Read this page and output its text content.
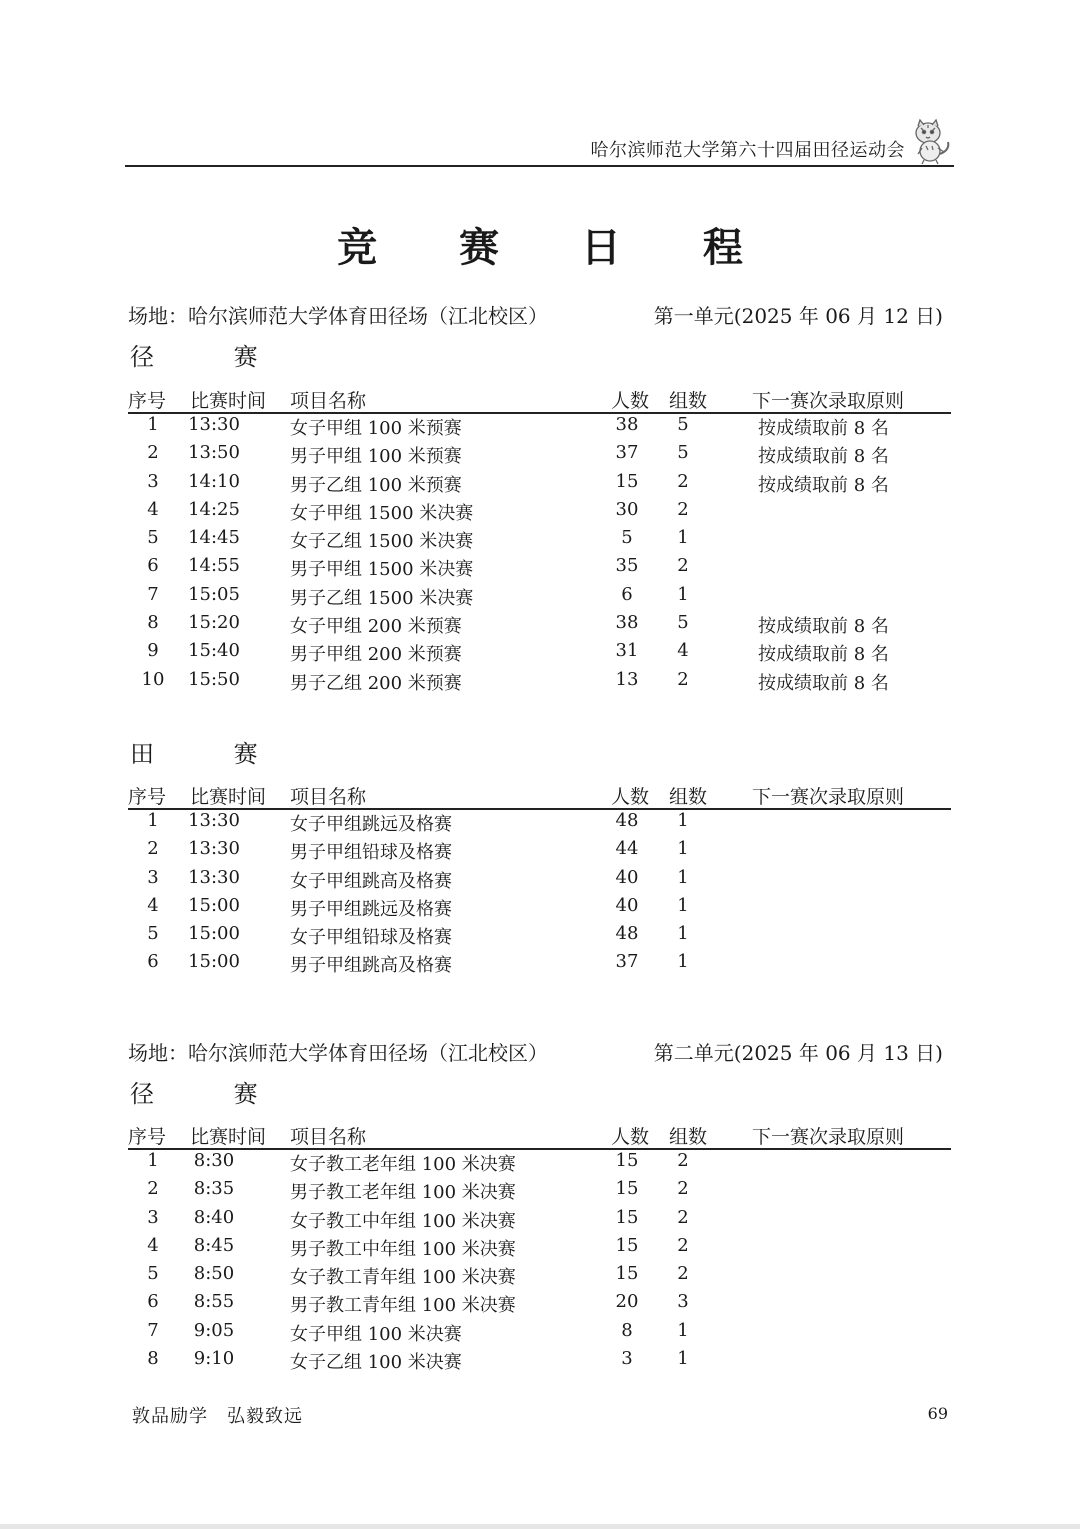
哈尔滨师范大学第六十四届田径运动会
竞 赛 日 程
场地：哈尔滨师范大学体育田径场（江北校区）	第一单元(2025 年 06 月 12 日)
径 赛
序号 比赛时间 项目名称	人数 组数 下一赛次录取原则
1	13:30	女子甲组 100 米预赛	38	5	按成绩取前 8 名
2	13:50	男子甲组 100 米预赛	37	5	按成绩取前 8 名
3	14:10	男子乙组 100 米预赛	15	2	按成绩取前 8 名
4	14:25	女子甲组 1500 米决赛	30	2
5	14:45	女子乙组 1500 米决赛	5	1
6	14:55	男子甲组 1500 米决赛	35	2
7	15:05	男子乙组 1500 米决赛	6	1
8	15:20	女子甲组 200 米预赛	38	5	按成绩取前 8 名
9	15:40	男子甲组 200 米预赛	31	4	按成绩取前 8 名
10	15:50	男子乙组 200 米预赛	13	2	按成绩取前 8 名
田 赛
序号 比赛时间 项目名称	人数 组数 下一赛次录取原则
1	13:30	女子甲组跳远及格赛	48	1
2	13:30	男子甲组铅球及格赛	44	1
3	13:30	女子甲组跳高及格赛	40	1
4	15:00	男子甲组跳远及格赛	40	1
5	15:00	女子甲组铅球及格赛	48	1
6	15:00	男子甲组跳高及格赛	37	1
场地：哈尔滨师范大学体育田径场（江北校区）	第二单元(2025 年 06 月 13 日)
径 赛
序号 比赛时间 项目名称	人数 组数 下一赛次录取原则
1	8:30	女子教工老年组 100 米决赛	15	2
2	8:35	男子教工老年组 100 米决赛	15	2
3	8:40	女子教工中年组 100 米决赛	15	2
4	8:45	男子教工中年组 100 米决赛	15	2
5	8:50	女子教工青年组 100 米决赛	15	2
6	8:55	男子教工青年组 100 米决赛	20	3
7	9:05	女子甲组 100 米决赛	8	1
8	9:10	女子乙组 100 米决赛	3	1
敦品励学　弘毅致远	69
